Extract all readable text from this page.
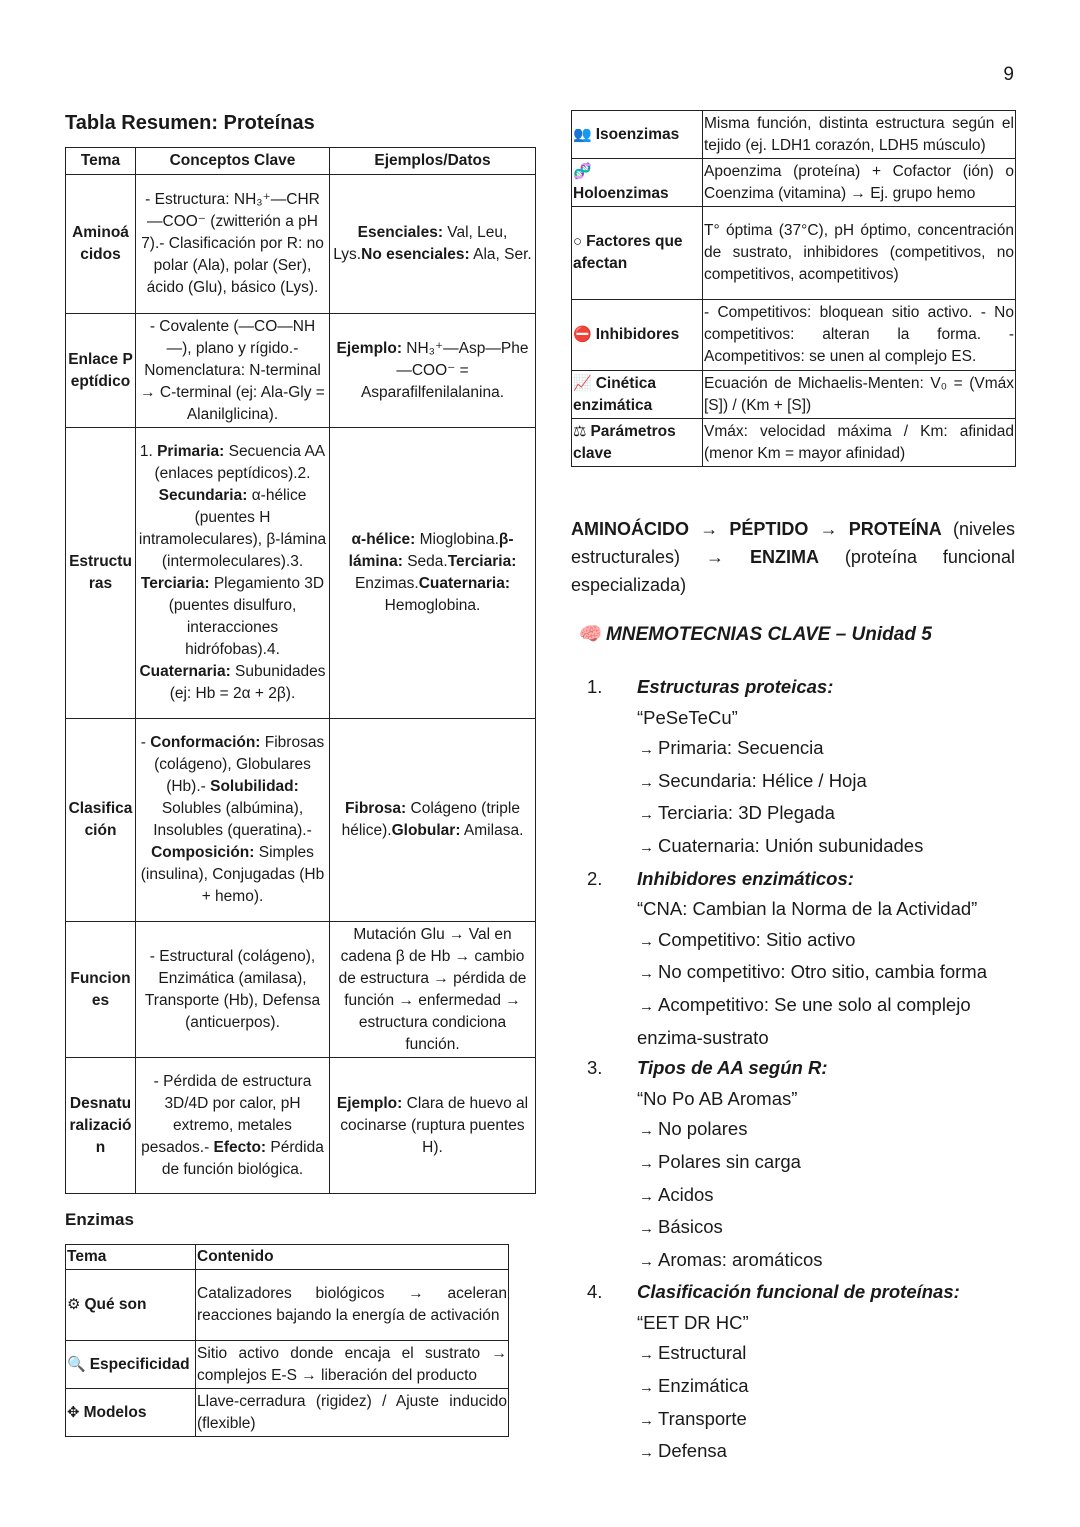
9
Tabla Resumen: Proteínas
Tema	Conceptos Clave	Ejemplos/Datos
Aminoácidos	- Estructura: NH₃⁺—CHR—COO⁻ (zwitterión a pH 7).- Clasificación por R: no polar (Ala), polar (Ser), ácido (Glu), básico (Lys).	Esenciales: Val, Leu, Lys.No esenciales: Ala, Ser.
Enlace Peptídico	- Covalente (—CO—NH—), plano y rígido.- Nomenclatura: N-terminal → C-terminal (ej: Ala-Gly = Alanilglicina).	Ejemplo: NH₃⁺—Asp—Phe—COO⁻ = Asparafilfenilalanina.
Estructuras	1. Primaria: Secuencia AA (enlaces peptídicos).2. Secundaria: α-hélice (puentes H intramoleculares), β-lámina (intermoleculares).3. Terciaria: Plegamiento 3D (puentes disulfuro, interacciones hidrófobas).4. Cuaternaria: Subunidades (ej: Hb = 2α + 2β).	α-hélice: Mioglobina.β-lámina: Seda.Terciaria: Enzimas.Cuaternaria: Hemoglobina.
Clasificación	- Conformación: Fibrosas (colágeno), Globulares (Hb).- Solubilidad: Solubles (albúmina), Insolubles (queratina).- Composición: Simples (insulina), Conjugadas (Hb + hemo).	Fibrosa: Colágeno (triple hélice).Globular: Amilasa.
Funciones	- Estructural (colágeno), Enzimática (amilasa), Transporte (Hb), Defensa (anticuerpos).	Mutación Glu → Val en cadena β de Hb → cambio de estructura → pérdida de función → enfermedad → estructura condiciona función.
Desnaturalización	- Pérdida de estructura 3D/4D por calor, pH extremo, metales pesados.- Efecto: Pérdida de función biológica.	Ejemplo: Clara de huevo al cocinarse (ruptura puentes H).
Enzimas
Tema	Contenido
⚙ Qué son	Catalizadores biológicos → aceleran reacciones bajando la energía de activación
🔍 Especificidad	Sitio activo donde encaja el sustrato → complejos E-S → liberación del producto
✥ Modelos	Llave-cerradura (rigidez) / Ajuste inducido (flexible)
👥 Isoenzimas	Misma función, distinta estructura según el tejido (ej. LDH1 corazón, LDH5 músculo)
🧬
Holoenzimas	Apoenzima (proteína) + Cofactor (ión) o Coenzima (vitamina) → Ej. grupo hemo
○ Factores que afectan	T° óptima (37°C), pH óptimo, concentración de sustrato, inhibidores (competitivos, no competitivos, acompetitivos)
⛔ Inhibidores	- Competitivos: bloquean sitio activo. - No competitivos: alteran la forma. - Acompetitivos: se unen al complejo ES.
📈 Cinética enzimática	Ecuación de Michaelis-Menten: V₀ = (Vmáx [S]) / (Km + [S])
⚖ Parámetros clave	Vmáx: velocidad máxima / Km: afinidad (menor Km = mayor afinidad)
AMINOÁCIDO → PÉPTIDO → PROTEÍNA (niveles estructurales) → ENZIMA (proteína funcional especializada)
🧠 MNEMOTECNIAS CLAVE – Unidad 5
1.	Estructuras proteicas:
“PeSeTeCu”
→ Primaria: Secuencia
→ Secundaria: Hélice / Hoja
→ Terciaria: 3D Plegada
→ Cuaternaria: Unión subunidades
2.	Inhibidores enzimáticos:
“CNA: Cambian la Norma de la Actividad”
→ Competitivo: Sitio activo
→ No competitivo: Otro sitio, cambia forma
→ Acompetitivo: Se une solo al complejo
enzima-sustrato
3.	Tipos de AA según R:
“No Po AB Aromas”
→ No polares
→ Polares sin carga
→ Acidos
→ Básicos
→ Aromas: aromáticos
4.	Clasificación funcional de proteínas:
“EET DR HC”
→ Estructural
→ Enzimática
→ Transporte
→ Defensa
